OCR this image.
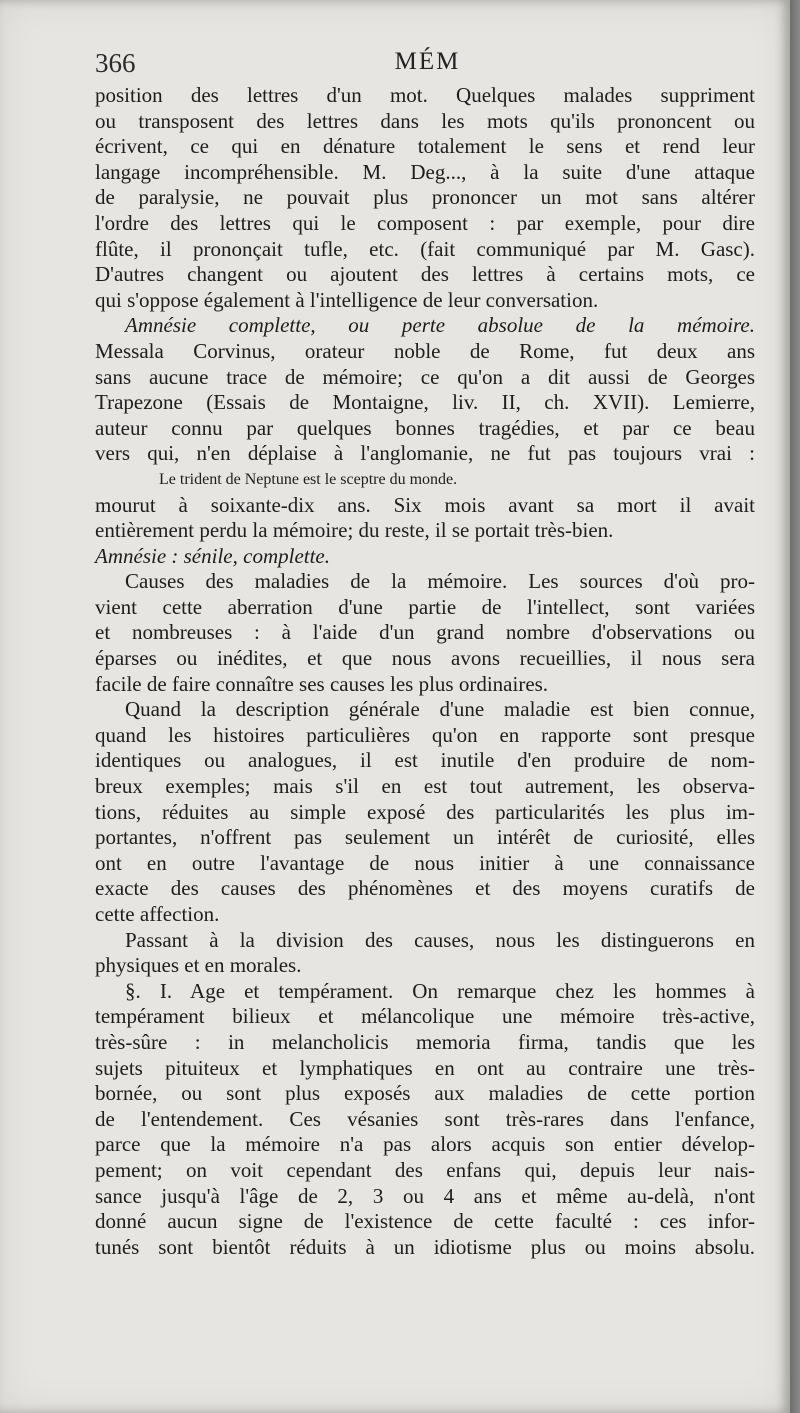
366	MÉM
position des lettres d'un mot. Quelques malades suppriment
ou transposent des lettres dans les mots qu'ils prononcent ou
écrivent, ce qui en dénature totalement le sens et rend leur
langage incompréhensible. M. Deg..., à la suite d'une attaque
de paralysie, ne pouvait plus prononcer un mot sans altérer
l'ordre des lettres qui le composent : par exemple, pour dire
flûte, il prononçait tufle, etc. (fait communiqué par M. Gasc).
D'autres changent ou ajoutent des lettres à certains mots, ce
qui s'oppose également à l'intelligence de leur conversation.
Amnésie complette, ou perte absolue de la mémoire.
Messala Corvinus, orateur noble de Rome, fut deux ans
sans aucune trace de mémoire; ce qu'on a dit aussi de Georges
Trapezone (Essais de Montaigne, liv. II, ch. XVII). Lemierre,
auteur connu par quelques bonnes tragédies, et par ce beau
vers qui, n'en déplaise à l'anglomanie, ne fut pas toujours vrai :
Le trident de Neptune est le sceptre du monde.
mourut à soixante-dix ans. Six mois avant sa mort il avait
entièrement perdu la mémoire; du reste, il se portait très-bien.
Amnésie : sénile, complette.
Causes des maladies de la mémoire. Les sources d'où pro-
vient cette aberration d'une partie de l'intellect, sont variées
et nombreuses : à l'aide d'un grand nombre d'observations ou
éparses ou inédites, et que nous avons recueillies, il nous sera
facile de faire connaître ses causes les plus ordinaires.
Quand la description générale d'une maladie est bien connue,
quand les histoires particulières qu'on en rapporte sont presque
identiques ou analogues, il est inutile d'en produire de nom-
breux exemples; mais s'il en est tout autrement, les observa-
tions, réduites au simple exposé des particularités les plus im-
portantes, n'offrent pas seulement un intérêt de curiosité, elles
ont en outre l'avantage de nous initier à une connaissance
exacte des causes des phénomènes et des moyens curatifs de
cette affection.
Passant à la division des causes, nous les distinguerons en
physiques et en morales.
§. I. Age et tempérament. On remarque chez les hommes à
tempérament bilieux et mélancolique une mémoire très-active,
très-sûre : in melancholicis memoria firma, tandis que les
sujets pituiteux et lymphatiques en ont au contraire une très-
bornée, ou sont plus exposés aux maladies de cette portion
de l'entendement. Ces vésanies sont très-rares dans l'enfance,
parce que la mémoire n'a pas alors acquis son entier dévelop-
pement; on voit cependant des enfans qui, depuis leur nais-
sance jusqu'à l'âge de 2, 3 ou 4 ans et même au-delà, n'ont
donné aucun signe de l'existence de cette faculté : ces infor-
tunés sont bientôt réduits à un idiotisme plus ou moins absolu.
